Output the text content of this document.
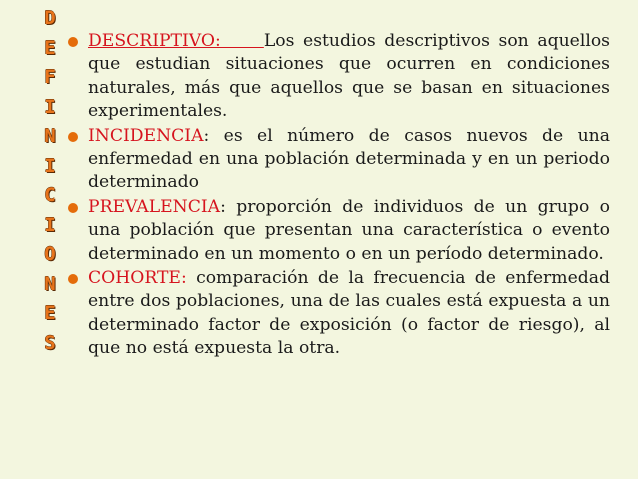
D
E
F
I
N
I
C
I
O
N
E
S
DESCRIPTIVO:     Los estudios descriptivos son aquellos que estudian situaciones que ocurren en condiciones naturales, más que aquellos que se basan en situaciones experimentales.
INCIDENCIA: es el número de casos nuevos de una enfermedad en una población determinada y en un periodo determinado
PREVALENCIA: proporción de individuos de un grupo o una población que presentan una característica o evento determinado en un momento o en un período determinado.
COHORTE: comparación de la frecuencia de enfermedad entre dos poblaciones, una de las cuales está expuesta a un determinado factor de exposición (o factor de riesgo), al que no está expuesta la otra.
